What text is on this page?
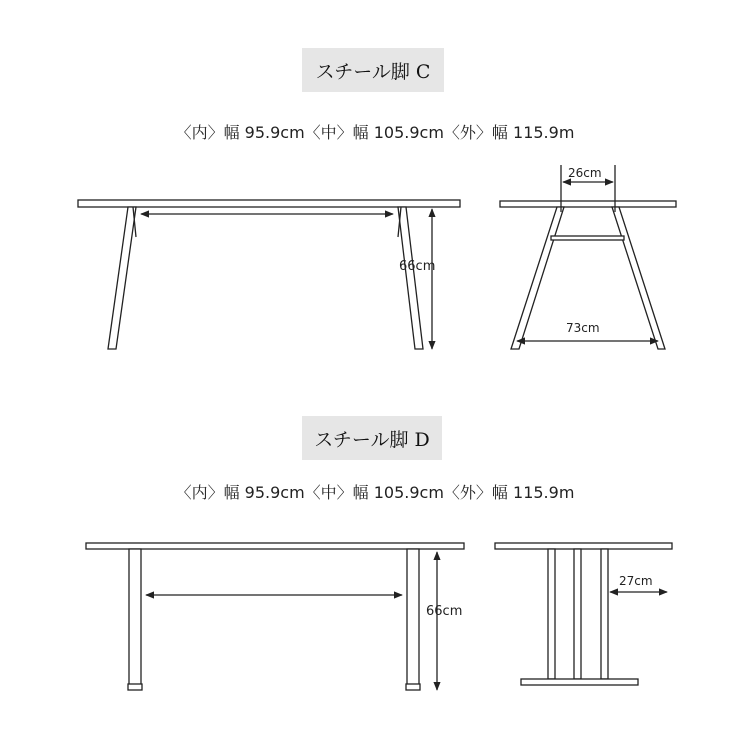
スチール脚 C
〈内〉幅 95.9cm〈中〉幅 105.9cm〈外〉幅 115.9m
スチール脚 D
〈内〉幅 95.9cm〈中〉幅 105.9cm〈外〉幅 115.9m
66cm
26cm
73cm
66cm
27cm
